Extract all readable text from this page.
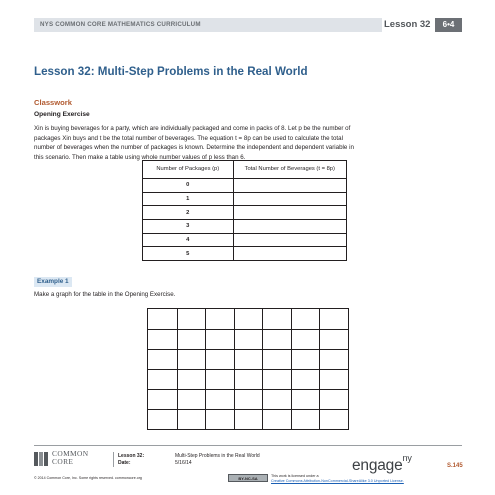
NYS COMMON CORE MATHEMATICS CURRICULUM	Lesson 32	6•4
Lesson 32: Multi-Step Problems in the Real World
Classwork
Opening Exercise
Xin is buying beverages for a party, which are individually packaged and come in packs of 8. Let p be the number of
packages Xin buys and t be the total number of beverages. The equation t = 8p can be used to calculate the total
number of beverages when the number of packages is known. Determine the independent and dependent variable in
this scenario. Then make a table using whole number values of p less than 6.
Number of Packages (p)	Total Number of Beverages (t = 8p)
0	
1	
2	
3	
4	
5	
Example 1
Make a graph for the table in the Opening Exercise.
COMMON
CORE
Lesson 32:
Date:
Multi-Step Problems in the Real World
5/16/14
BY-NC-SA	This work is licensed under a
Creative Commons Attribution-NonCommercial-ShareAlike 3.0 Unported License.
engage$^{ny}$
S.145
© 2014 Common Core, Inc. Some rights reserved. commoncore.org
